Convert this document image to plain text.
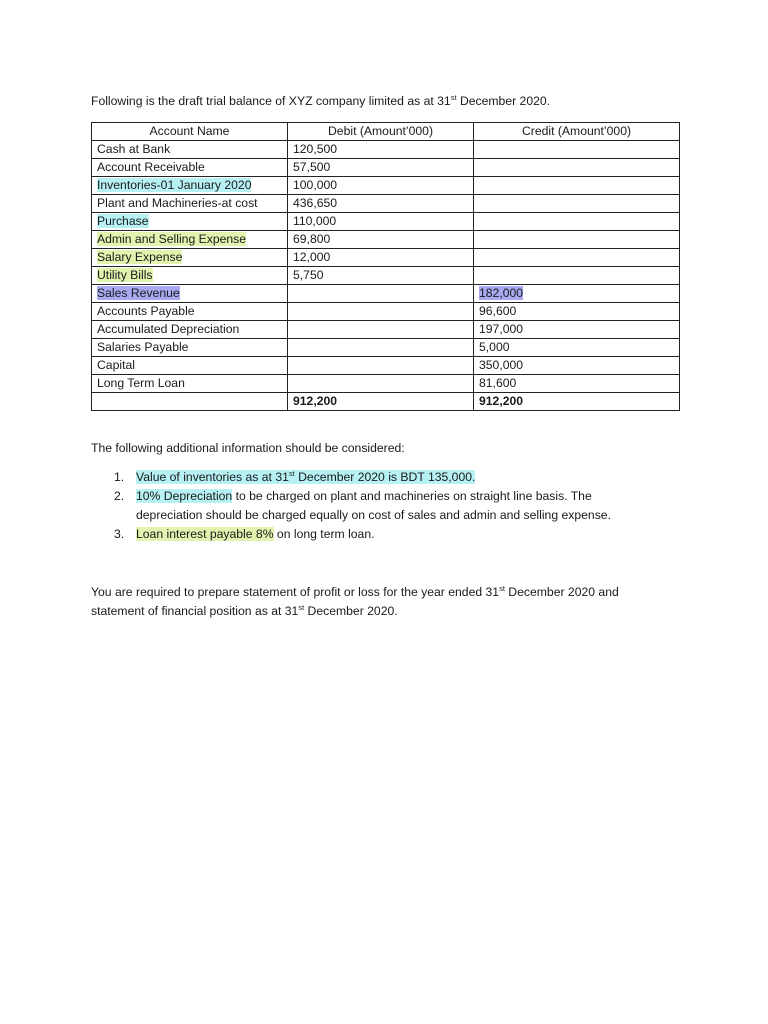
Following is the draft trial balance of XYZ company limited as at 31st December 2020.
Account Name	Debit (Amount’000)	Credit (Amount’000)
Cash at Bank	120,500	
Account Receivable	57,500	
Inventories-01 January 2020	100,000	
Plant and Machineries-at cost	436,650	
Purchase	110,000	
Admin and Selling Expense	69,800	
Salary Expense	12,000	
Utility Bills	5,750	
Sales Revenue		182,000
Accounts Payable		96,600
Accumulated Depreciation		197,000
Salaries Payable		5,000
Capital		350,000
Long Term Loan		81,600
	912,200	912,200
The following additional information should be considered:
1. Value of inventories as at 31st December 2020 is BDT 135,000.
2. 10% Depreciation to be charged on plant and machineries on straight line basis. The depreciation should be charged equally on cost of sales and admin and selling expense.
3. Loan interest payable 8% on long term loan.
You are required to prepare statement of profit or loss for the year ended 31st December 2020 and statement of financial position as at 31st December 2020.
